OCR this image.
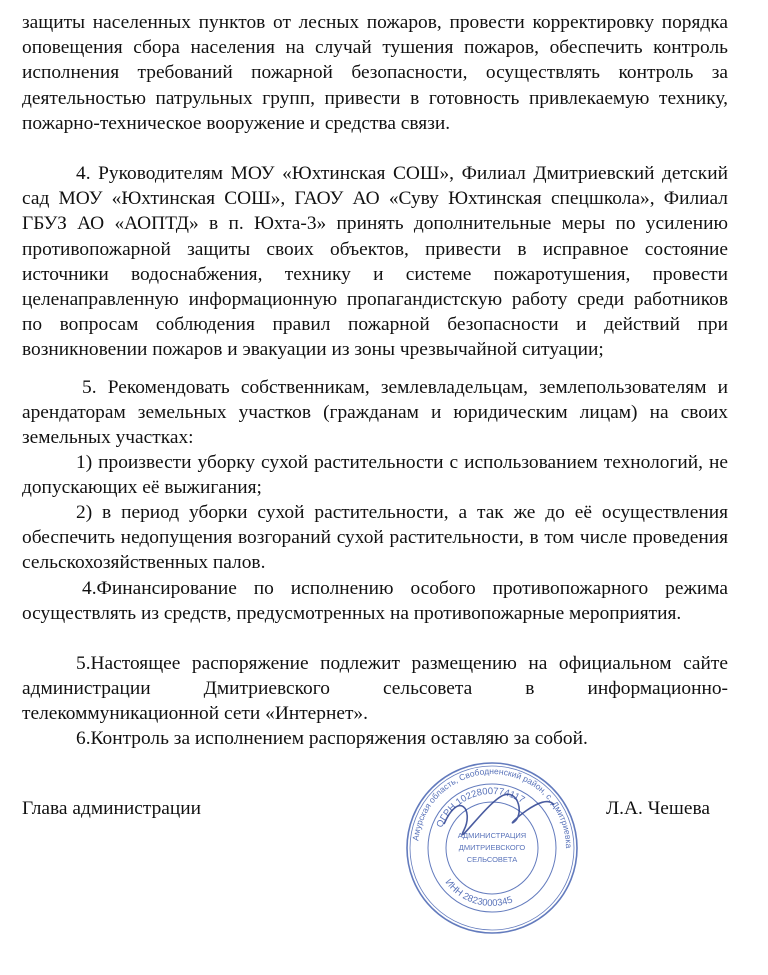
защиты населенных пунктов от лесных пожаров, провести корректировку порядка оповещения сбора населения на случай тушения пожаров, обеспечить контроль исполнения требований пожарной безопасности, осуществлять контроль за деятельностью патрульных групп, привести в готовность привлекаемую технику, пожарно-техническое вооружение и средства связи.

4. Руководителям МОУ «Юхтинская СОШ», Филиал Дмитриевский детский сад МОУ «Юхтинская СОШ», ГАОУ АО «Суву Юхтинская спецшкола», Филиал ГБУЗ АО «АОПТД» в п. Юхта-3» принять дополнительные меры по усилению противопожарной защиты своих объектов, привести в исправное состояние источники водоснабжения, технику и системе пожаротушения, провести целенаправленную информационную пропагандистскую работу среди работников по вопросам соблюдения правил пожарной безопасности и действий при возникновении пожаров и эвакуации из зоны чрезвычайной ситуации;

5. Рекомендовать собственникам, землевладельцам, землепользователям и арендаторам земельных участков (гражданам и юридическим лицам) на своих земельных участках:

1) произвести уборку сухой растительности с использованием технологий, не допускающих её выжигания;

2) в период уборки сухой растительности, а так же до её осуществления обеспечить недопущения возгораний сухой растительности, в том числе проведения сельскохозяйственных палов.

4.Финансирование по исполнению особого противопожарного режима осуществлять из средств, предусмотренных на противопожарные мероприятия.

5.Настоящее распоряжение подлежит размещению на официальном сайте администрации Дмитриевского сельсовета в информационно-телекоммуникационной сети «Интернет».

6.Контроль за исполнением распоряжения оставляю за собой.

Глава администрации	Л.А. Чешева

Амурская область, Свободненский район, с. Дмитриевка
ОГРН 1022800774117
ИНН 2823000345
АДМИНИСТРАЦИЯ
ДМИТРИЕВСКОГО
СЕЛЬСОВЕТА
